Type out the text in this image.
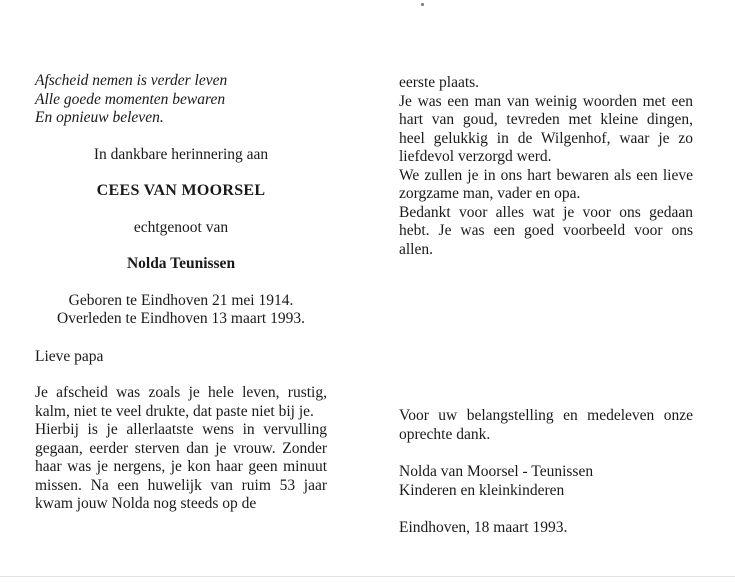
Afscheid nemen is verder leven
Alle goede momenten bewaren
En opnieuw beleven.
In dankbare herinnering aan
CEES VAN MOORSEL
echtgenoot van
Nolda Teunissen
Geboren te Eindhoven 21 mei 1914.
Overleden te Eindhoven 13 maart 1993.
Lieve papa

Je afscheid was zoals je hele leven, rustig, kalm, niet te veel drukte, dat paste niet bij je.

Hierbij is je allerlaatste wens in vervulling gegaan, eerder sterven dan je vrouw. Zonder haar was je nergens, je kon haar geen minuut missen. Na een huwelijk van ruim 53 jaar kwam jouw Nolda nog steeds op de

eerste plaats.

Je was een man van weinig woorden met een hart van goud, tevreden met kleine dingen, heel gelukkig in de Wilgenhof, waar je zo liefdevol verzorgd werd.

We zullen je in ons hart bewaren als een lieve zorgzame man, vader en opa.

Bedankt voor alles wat je voor ons gedaan hebt. Je was een goed voorbeeld voor ons allen.

Voor uw belangstelling en medeleven onze oprechte dank.

Nolda van Moorsel - Teunissen
Kinderen en kleinkinderen
Eindhoven, 18 maart 1993.
